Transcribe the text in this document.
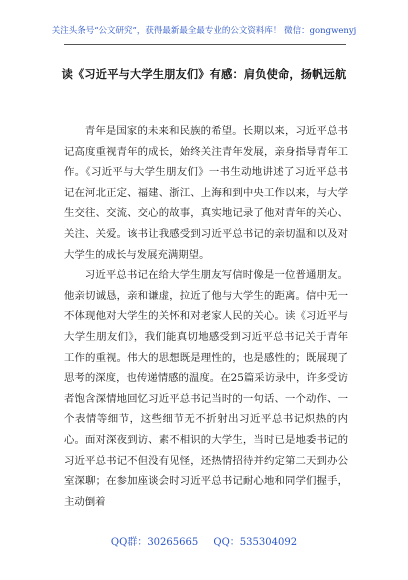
关注头条号“公文研究”，获得最新最全最专业的公文资料库！ 微信：gongwenyj
读《习近平与大学生朋友们》有感：肩负使命，扬帆远航

青年是国家的未来和民族的希望。长期以来，习近平总书记高度重视青年的成长，始终关注青年发展，亲身指导青年工作。《习近平与大学生朋友们》一书生动地讲述了习近平总书记在河北正定、福建、浙江、上海和到中央工作以来，与大学生交往、交流、交心的故事，真实地记录了他对青年的关心、关注、关爱。该书让我感受到习近平总书记的亲切温和以及对大学生的成长与发展充满期望。

习近平总书记在给大学生朋友写信时像是一位普通朋友。他亲切诚恳，亲和谦虚，拉近了他与大学生的距离。信中无一不体现他对大学生的关怀和对老家人民的关心。读《习近平与大学生朋友们》，我们能真切地感受到习近平总书记关于青年工作的重视。伟大的思想既是理性的，也是感性的；既展现了思考的深度，也传递情感的温度。在25篇采访录中，许多受访者饱含深情地回忆习近平总书记当时的一句话、一个动作、一个表情等细节，这些细节无不折射出习近平总书记炽热的内心。面对深夜到访、素不相识的大学生，当时已是地委书记的习近平总书记不但没有见怪，还热情招待并约定第二天到办公室深聊；在参加座谈会时习近平总书记耐心地和同学们握手，主动倒着

QQ群：30265665 QQ：535304092
